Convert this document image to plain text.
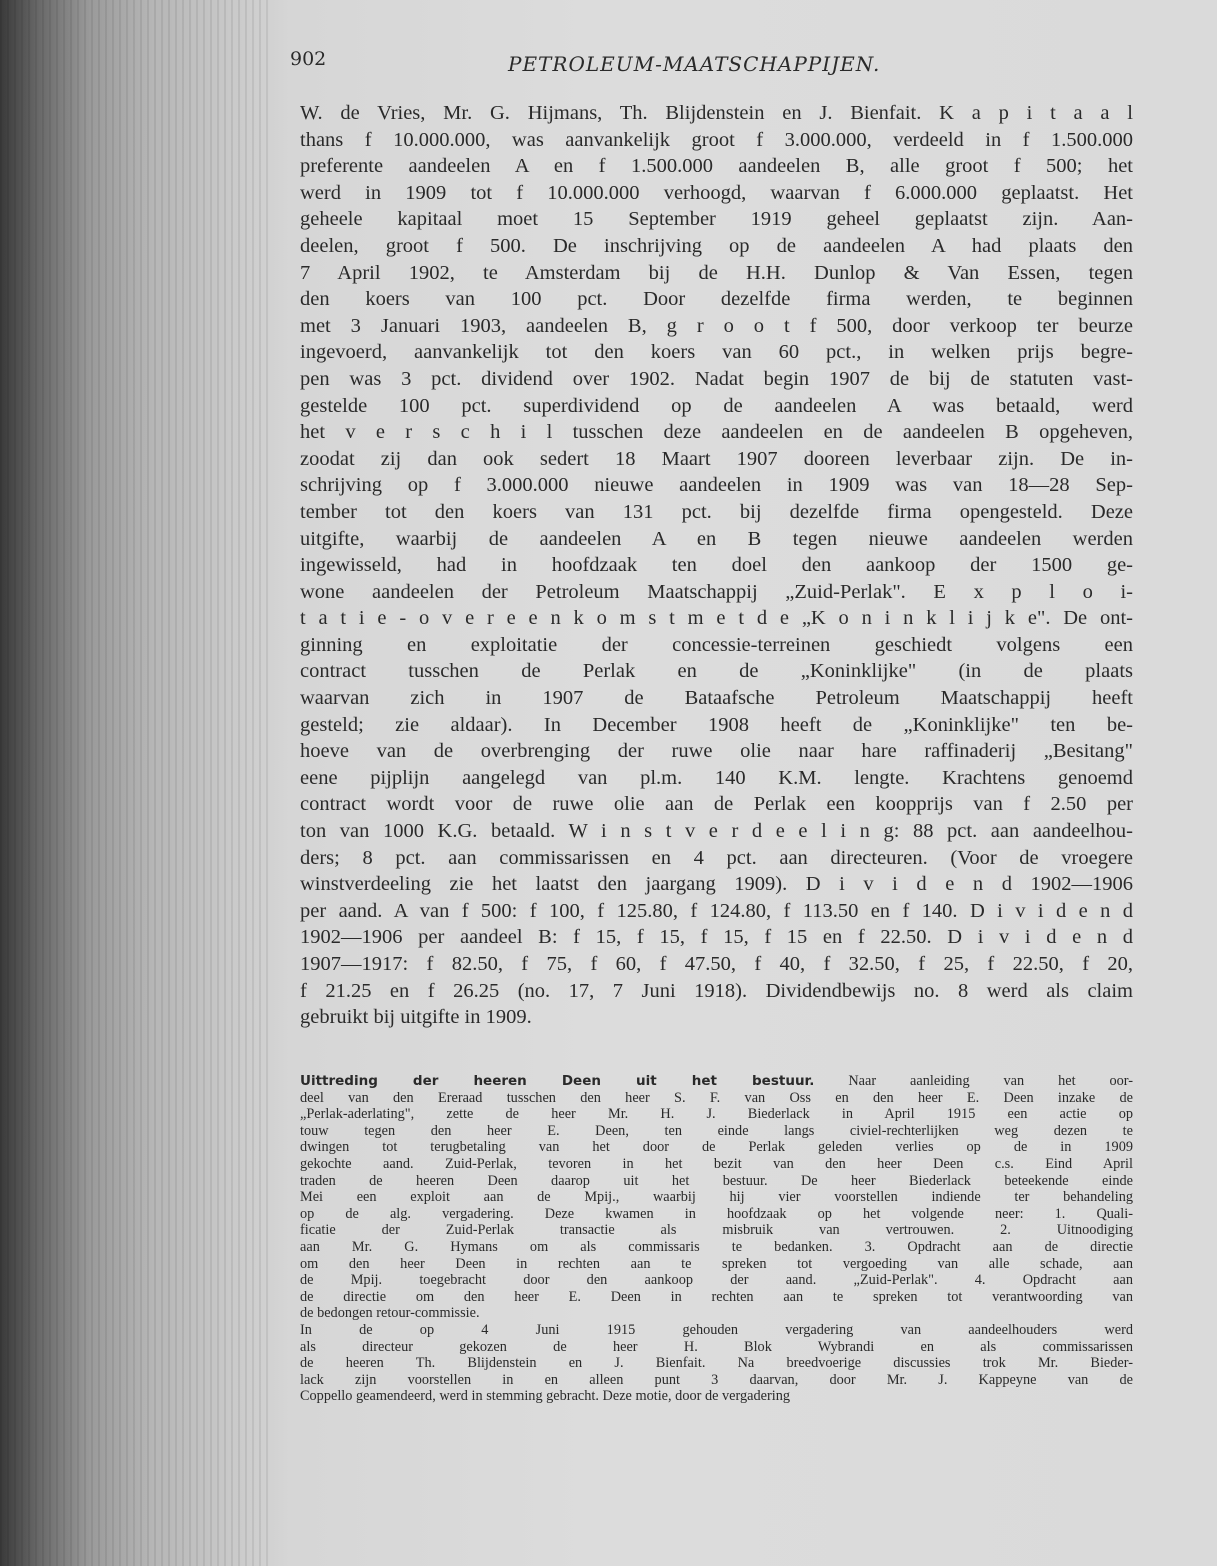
902	PETROLEUM-MAATSCHAPPIJEN.
W. de Vries, Mr. G. Hijmans, Th. Blijdenstein en J. Bienfait. K a p i t a a l
thans f 10.000.000, was aanvankelijk groot f 3.000.000, verdeeld in f 1.500.000
preferente aandeelen A en f 1.500.000 aandeelen B, alle groot f 500; het
werd in 1909 tot f 10.000.000 verhoogd, waarvan f 6.000.000 geplaatst. Het
geheele kapitaal moet 15 September 1919 geheel geplaatst zijn. Aan-
deelen, groot f 500. De inschrijving op de aandeelen A had plaats den
7 April 1902, te Amsterdam bij de H.H. Dunlop & Van Essen, tegen
den koers van 100 pct. Door dezelfde firma werden, te beginnen
met 3 Januari 1903, aandeelen B, g r o o t f 500, door verkoop ter beurze
ingevoerd, aanvankelijk tot den koers van 60 pct., in welken prijs begre-
pen was 3 pct. dividend over 1902. Nadat begin 1907 de bij de statuten vast-
gestelde 100 pct. superdividend op de aandeelen A was betaald, werd
het v e r s c h i l tusschen deze aandeelen en de aandeelen B opgeheven,
zoodat zij dan ook sedert 18 Maart 1907 dooreen leverbaar zijn. De in-
schrijving op f 3.000.000 nieuwe aandeelen in 1909 was van 18—28 Sep-
tember tot den koers van 131 pct. bij dezelfde firma opengesteld. Deze
uitgifte, waarbij de aandeelen A en B tegen nieuwe aandeelen werden
ingewisseld, had in hoofdzaak ten doel den aankoop der 1500 ge-
wone aandeelen der Petroleum Maatschappij „Zuid-Perlak". E x p l o i-
t a t i e - o v e r e e n k o m s t m e t d e „K o n i n k l i j k e". De ont-
ginning en exploitatie der concessie-terreinen geschiedt volgens een
contract tusschen de Perlak en de „Koninklijke" (in de plaats
waarvan zich in 1907 de Bataafsche Petroleum Maatschappij heeft
gesteld; zie aldaar). In December 1908 heeft de „Koninklijke" ten be-
hoeve van de overbrenging der ruwe olie naar hare raffinaderij „Besitang"
eene pijplijn aangelegd van pl.m. 140 K.M. lengte. Krachtens genoemd
contract wordt voor de ruwe olie aan de Perlak een koopprijs van f 2.50 per
ton van 1000 K.G. betaald. W i n s t v e r d e e l i n g: 88 pct. aan aandeelhou-
ders; 8 pct. aan commissarissen en 4 pct. aan directeuren. (Voor de vroegere
winstverdeeling zie het laatst den jaargang 1909). D i v i d e n d 1902—1906
per aand. A van f 500: f 100, f 125.80, f 124.80, f 113.50 en f 140. D i v i d e n d
1902—1906 per aandeel B: f 15, f 15, f 15, f 15 en f 22.50. D i v i d e n d
1907—1917: f 82.50, f 75, f 60, f 47.50, f 40, f 32.50, f 25, f 22.50, f 20,
f 21.25 en f 26.25 (no. 17, 7 Juni 1918). Dividendbewijs no. 8 werd als claim
gebruikt bij uitgifte in 1909.
Uittreding der heeren Deen uit het bestuur. Naar aanleiding van het oor-
deel van den Ereraad tusschen den heer S. F. van Oss en den heer E. Deen inzake de
„Perlak-aderlating", zette de heer Mr. H. J. Biederlack in April 1915 een actie op
touw tegen den heer E. Deen, ten einde langs civiel-rechterlijken weg dezen te
dwingen tot terugbetaling van het door de Perlak geleden verlies op de in 1909
gekochte aand. Zuid-Perlak, tevoren in het bezit van den heer Deen c.s. Eind April
traden de heeren Deen daarop uit het bestuur. De heer Biederlack beteekende einde
Mei een exploit aan de Mpij., waarbij hij vier voorstellen indiende ter behandeling
op de alg. vergadering. Deze kwamen in hoofdzaak op het volgende neer: 1. Quali-
ficatie der Zuid-Perlak transactie als misbruik van vertrouwen. 2. Uitnoodiging
aan Mr. G. Hymans om als commissaris te bedanken. 3. Opdracht aan de directie
om den heer Deen in rechten aan te spreken tot vergoeding van alle schade, aan
de Mpij. toegebracht door den aankoop der aand. „Zuid-Perlak". 4. Opdracht aan
de directie om den heer E. Deen in rechten aan te spreken tot verantwoording van
de bedongen retour-commissie.
In de op 4 Juni 1915 gehouden vergadering van aandeelhouders werd
als directeur gekozen de heer H. Blok Wybrandi en als commissarissen
de heeren Th. Blijdenstein en J. Bienfait. Na breedvoerige discussies trok Mr. Bieder-
lack zijn voorstellen in en alleen punt 3 daarvan, door Mr. J. Kappeyne van de
Coppello geamendeerd, werd in stemming gebracht. Deze motie, door de vergadering
